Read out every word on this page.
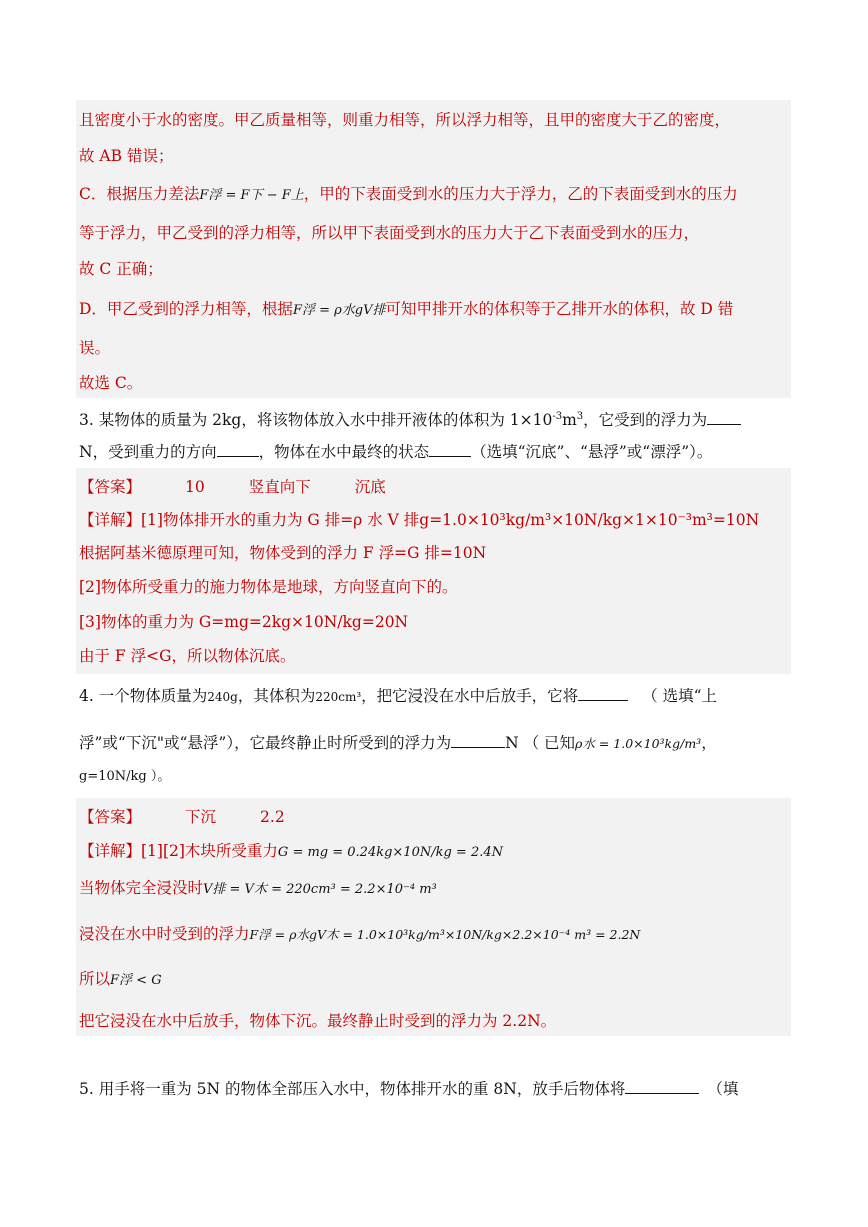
且密度小于水的密度。甲乙质量相等，则重力相等，所以浮力相等，且甲的密度大于乙的密度，
故 AB 错误；
C．根据压力差法F浮 = F下 − F上，甲的下表面受到水的压力大于浮力，乙的下表面受到水的压力
等于浮力，甲乙受到的浮力相等，所以甲下表面受到水的压力大于乙下表面受到水的压力，
故 C 正确；
D．甲乙受到的浮力相等，根据F浮 = ρ水gV排可知甲排开水的体积等于乙排开水的体积，故 D 错
误。
故选 C。
3. 某物体的质量为 2kg，将该物体放入水中排开液体的体积为 $1\times 10^{-3}m^3$，它受到的浮力为
N，受到重力的方向	，物体在水中最终的状态	（选填“沉底”、“悬浮”或“漂浮”）。
【答案】	10	竖直向下	沉底
【详解】[1]物体排开水的重力为 G 排=ρ 水 V 排g=1.0×10³kg/m³×10N/kg×1×10⁻³m³=10N
根据阿基米德原理可知，物体受到的浮力 F 浮=G 排=10N
[2]物体所受重力的施力物体是地球，方向竖直向下的。
[3]物体的重力为 G=mg=2kg×10N/kg=20N
由于 F 浮<G，所以物体沉底。
4. 一个物体质量为240g，其体积为220cm³，把它浸没在水中后放手，它将	（ 选填“上
浮”或“下沉"或“悬浮”），它最终静止时所受到的浮力为	N （ 已知ρ水 = 1.0×10³kg/m³，
g=10N/kg ）。
【答案】	下沉	2.2
【详解】[1][2]木块所受重力G = mg = 0.24kg×10N/kg = 2.4N
当物体完全浸没时V排 = V木 = 220cm³ = 2.2×10⁻⁴ m³
浸没在水中时受到的浮力F浮 = ρ水gV木 = 1.0×10³kg/m³×10N/kg×2.2×10⁻⁴ m³ = 2.2N
所以F浮 < G
把它浸没在水中后放手，物体下沉。最终静止时受到的浮力为 2.2N。
5. 用手将一重为 5N 的物体全部压入水中，物体排开水的重 8N，放手后物体将	（填
